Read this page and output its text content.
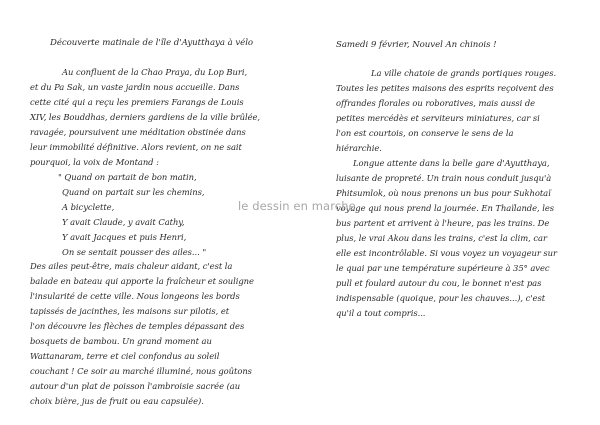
Découverte matinale de l'île d'Ayutthaya à vélo
Au confluent de la Chao Praya, du Lop Buri,
et du Pa Sak, un vaste jardin nous accueille. Dans
cette cité qui a reçu les premiers Farangs de Louis
XIV, les Bouddhas, derniers gardiens de la ville brûlée,
ravagée, poursuivent une méditation obstinée dans
leur immobilité définitive. Alors revient, on ne sait
pourquoi, la voix de Montand :
" Quand on partait de bon matin,
Quand on partait sur les chemins,
A bicyclette,
Y avait Claude, y avait Cathy,
Y avait Jacques et puis Henri,
On se sentait pousser des ailes... "
Des ailes peut-être, mais chaleur aidant, c'est la
balade en bateau qui apporte la fraîcheur et souligne
l'insularité de cette ville. Nous longeons les bords
tapissés de jacinthes, les maisons sur pilotis, et
l'on découvre les flèches de temples dépassant des
bosquets de bambou. Un grand moment au
Wattanaram, terre et ciel confondus au soleil
couchant ! Ce soir au marché illuminé, nous goûtons
autour d'un plat de poisson l'ambroisie sacrée (au
choix bière, jus de fruit ou eau capsulée).
Samedi 9 février, Nouvel An chinois !
La ville chatoie de grands portiques rouges.
Toutes les petites maisons des esprits reçoivent des
offrandes florales ou roboratives, mais aussi de
petites mercédès et serviteurs miniatures, car si
l'on est courtois, on conserve le sens de la
hiérarchie.
Longue attente dans la belle gare d'Ayutthaya,
luisante de propreté. Un train nous conduit jusqu'à
Phitsumlok, où nous prenons un bus pour Sukhotaï
voyage qui nous prend la journée. En Thaïlande, les
bus partent et arrivent à l'heure, pas les trains. De
plus, le vrai Akou dans les trains, c'est la clim, car
elle est incontrôlable. Si vous voyez un voyageur sur
le quai par une température supérieure à 35° avec
pull et foulard autour du cou, le bonnet n'est pas
indispensable (quoique, pour les chauves...), c'est
qu'il a tout compris...
le dessin en marche
